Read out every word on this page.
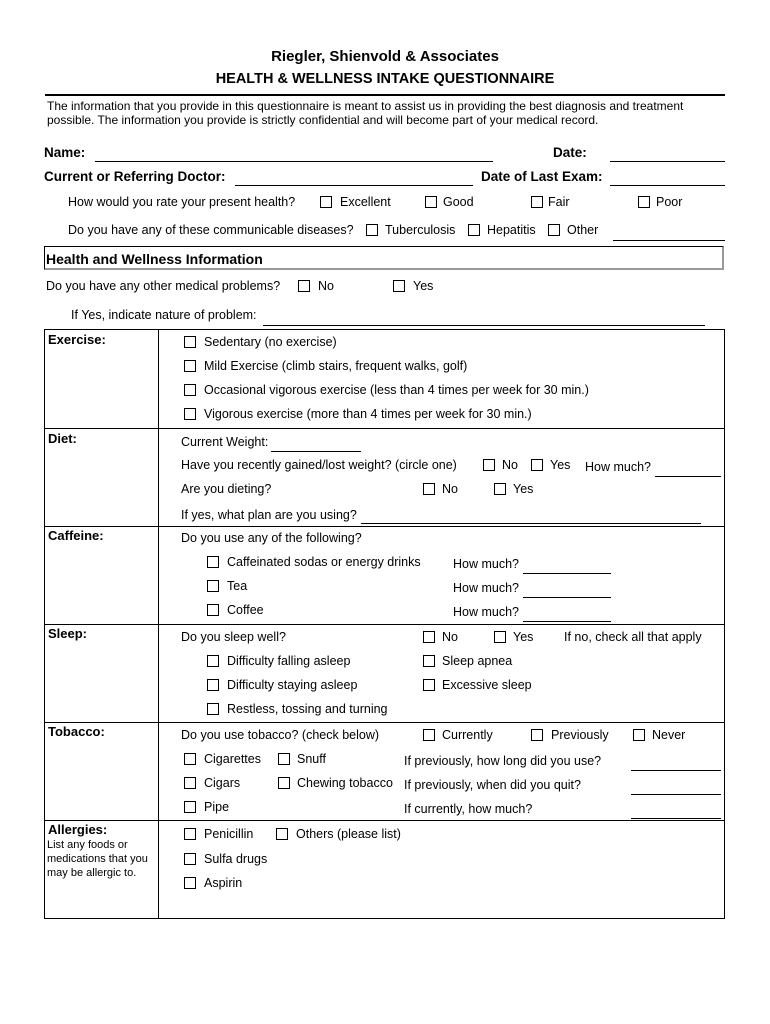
Riegler, Shienvold & Associates
HEALTH & WELLNESS INTAKE QUESTIONNAIRE
The information that you provide in this questionnaire is meant to assist us in providing the best diagnosis and treatment
possible. The information you provide is strictly confidential and will become part of your medical record.
Name:	Date:
Current or Referring Doctor:	Date of Last Exam:
How would you rate your present health?	Excellent	Good	Fair	Poor
Do you have any of these communicable diseases?	Tuberculosis	Hepatitis	Other
Health and Wellness Information
Do you have any other medical problems?	No	Yes
If Yes, indicate nature of problem:
Exercise:	Sedentary (no exercise)
Mild Exercise (climb stairs, frequent walks, golf)
Occasional vigorous exercise (less than 4 times per week for 30 min.)
Vigorous exercise (more than 4 times per week for 30 min.)
Diet:	Current Weight:
Have you recently gained/lost weight? (circle one)	No	Yes How much?
Are you dieting?	No	Yes
If yes, what plan are you using?
Caffeine:	Do you use any of the following?
Caffeinated sodas or energy drinks	How much?
Tea	How much?
Coffee	How much?
Sleep:	Do you sleep well?	No	Yes If no, check all that apply
Difficulty falling asleep	Sleep apnea
Difficulty staying asleep	Excessive sleep
Restless, tossing and turning
Tobacco:	Do you use tobacco? (check below)	Currently	Previously	Never
Cigarettes	Snuff	If previously, how long did you use?
Cigars	Chewing tobacco If previously, when did you quit?
Pipe	If currently, how much?
Allergies:
List any foods or
medications that you
may be allergic to.
Penicillin	Others (please list)
Sulfa drugs
Aspirin
